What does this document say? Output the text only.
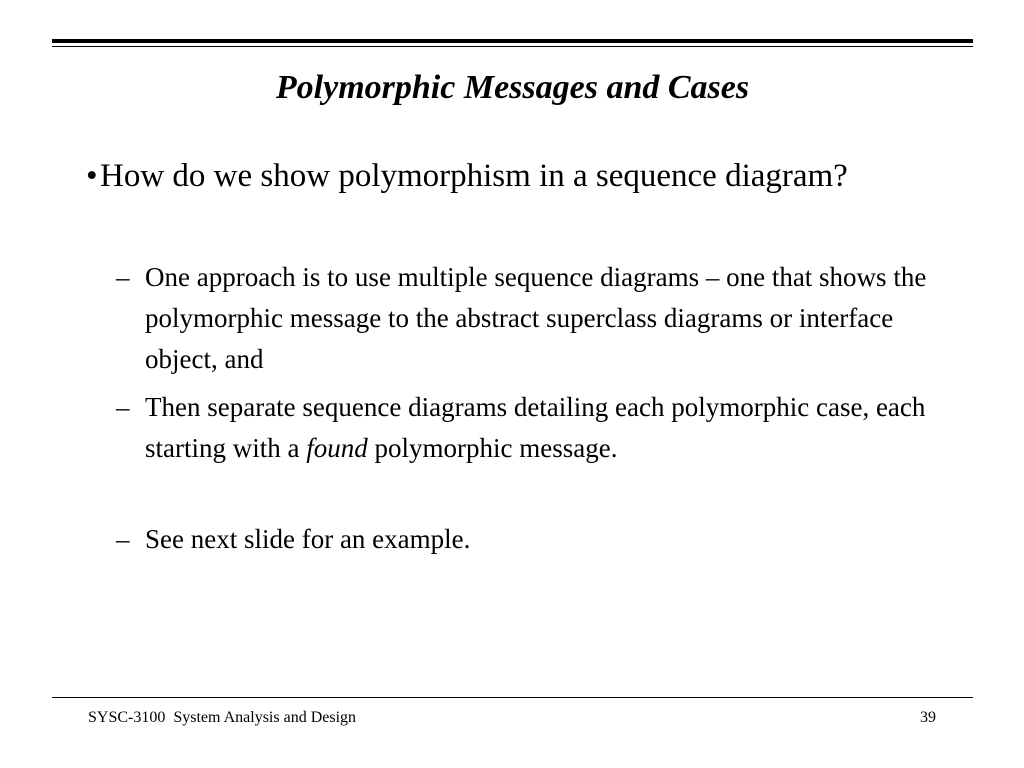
Polymorphic Messages and Cases
• How do we show polymorphism in a sequence diagram?
– One approach is to use multiple sequence diagrams – one that shows the polymorphic message to the abstract superclass diagrams or interface object, and
– Then separate sequence diagrams detailing each polymorphic case, each starting with a found polymorphic message.
– See next slide for an example.
SYSC-3100  System Analysis and Design	39
